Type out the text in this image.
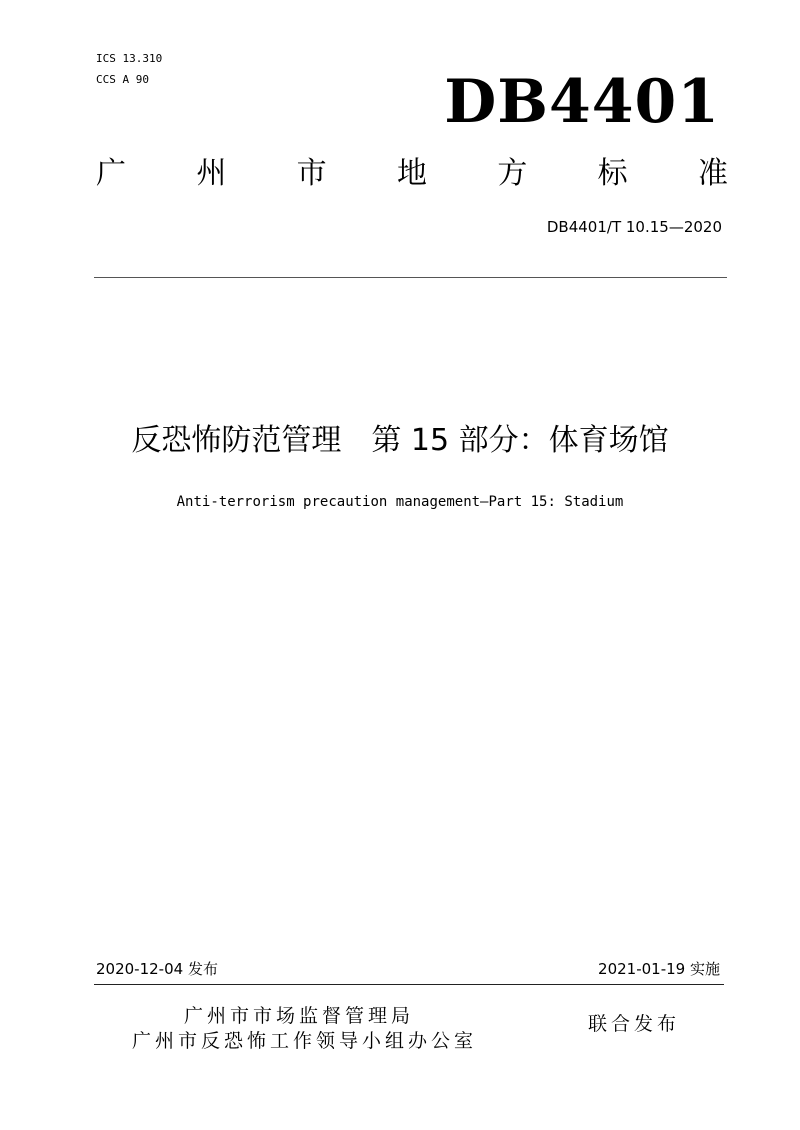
ICS 13.310
CCS A 90	DB4401
广 州 市 地 方 标 准
DB4401/T 10.15—2020
反恐怖防范管理　第 15 部分：体育场馆
Anti-terrorism precaution management—Part 15: Stadium
2020-12-04 发布	2021-01-19 实施
广州市市场监督管理局
广州市反恐怖工作领导小组办公室
联合发布
